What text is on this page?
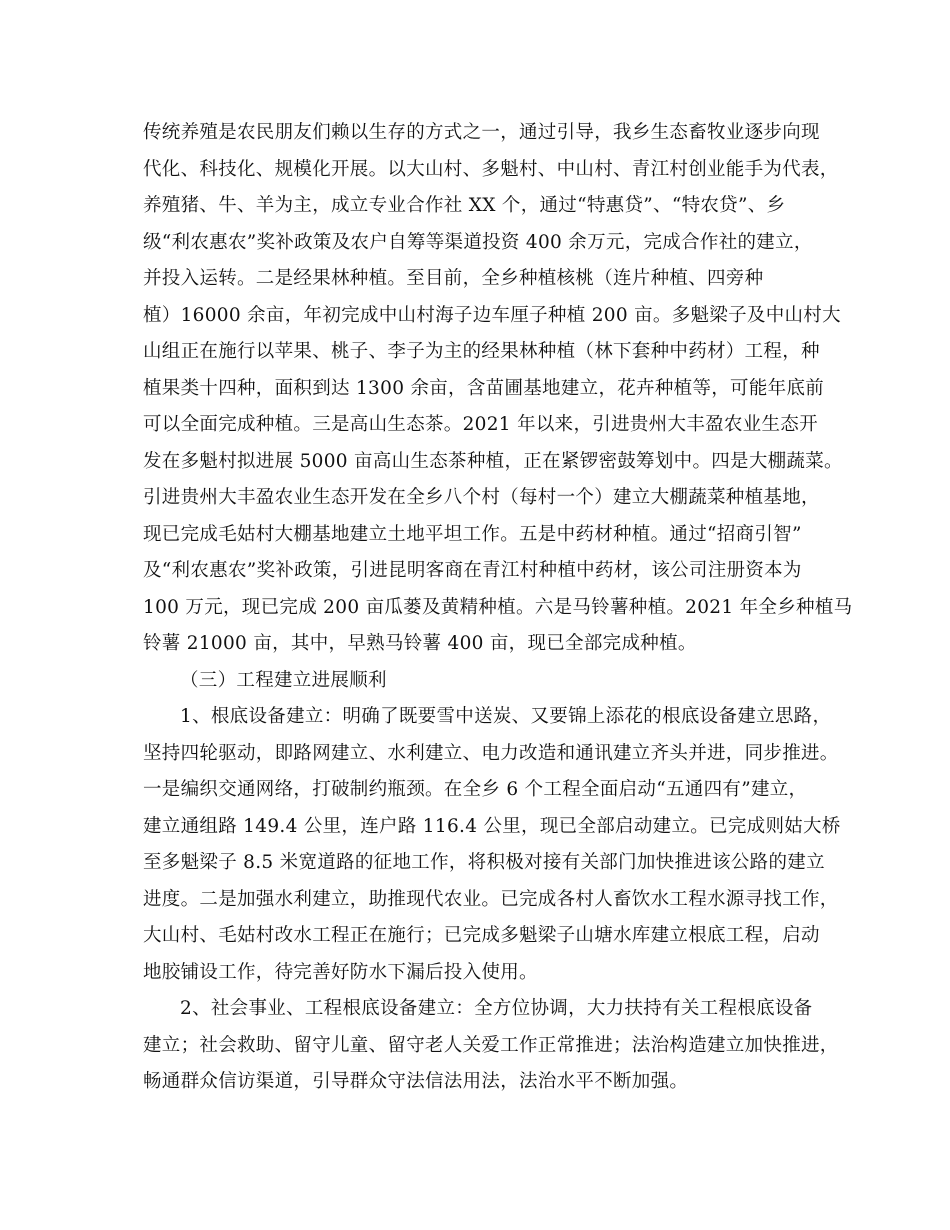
传统养殖是农民朋友们赖以生存的方式之一，通过引导，我乡生态畜牧业逐步向现
代化、科技化、规模化开展。以大山村、多魁村、中山村、青江村创业能手为代表，
养殖猪、牛、羊为主，成立专业合作社 XX 个，通过“特惠贷”、“特农贷”、乡
级“利农惠农”奖补政策及农户自筹等渠道投资 400 余万元，完成合作社的建立，
并投入运转。二是经果林种植。至目前，全乡种植核桃（连片种植、四旁种
植）16000 余亩，年初完成中山村海子边车厘子种植 200 亩。多魁梁子及中山村大
山组正在施行以苹果、桃子、李子为主的经果林种植（林下套种中药材）工程，种
植果类十四种，面积到达 1300 余亩，含苗圃基地建立，花卉种植等，可能年底前
可以全面完成种植。三是高山生态茶。2021 年以来，引进贵州大丰盈农业生态开
发在多魁村拟进展 5000 亩高山生态茶种植，正在紧锣密鼓筹划中。四是大棚蔬菜。
引进贵州大丰盈农业生态开发在全乡八个村（每村一个）建立大棚蔬菜种植基地，
现已完成毛姑村大棚基地建立土地平坦工作。五是中药材种植。通过“招商引智”
及“利农惠农”奖补政策，引进昆明客商在青江村种植中药材，该公司注册资本为
100 万元，现已完成 200 亩瓜蒌及黄精种植。六是马铃薯种植。2021 年全乡种植马
铃薯 21000 亩，其中，早熟马铃薯 400 亩，现已全部完成种植。
（三）工程建立进展顺利
1、根底设备建立：明确了既要雪中送炭、又要锦上添花的根底设备建立思路，
坚持四轮驱动，即路网建立、水利建立、电力改造和通讯建立齐头并进，同步推进。
一是编织交通网络，打破制约瓶颈。在全乡 6 个工程全面启动“五通四有”建立，
建立通组路 149.4 公里，连户路 116.4 公里，现已全部启动建立。已完成则姑大桥
至多魁梁子 8.5 米宽道路的征地工作，将积极对接有关部门加快推进该公路的建立
进度。二是加强水利建立，助推现代农业。已完成各村人畜饮水工程水源寻找工作，
大山村、毛姑村改水工程正在施行；已完成多魁梁子山塘水库建立根底工程，启动
地胶铺设工作，待完善好防水下漏后投入使用。
2、社会事业、工程根底设备建立：全方位协调，大力扶持有关工程根底设备
建立；社会救助、留守儿童、留守老人关爱工作正常推进；法治构造建立加快推进，
畅通群众信访渠道，引导群众守法信法用法，法治水平不断加强。
